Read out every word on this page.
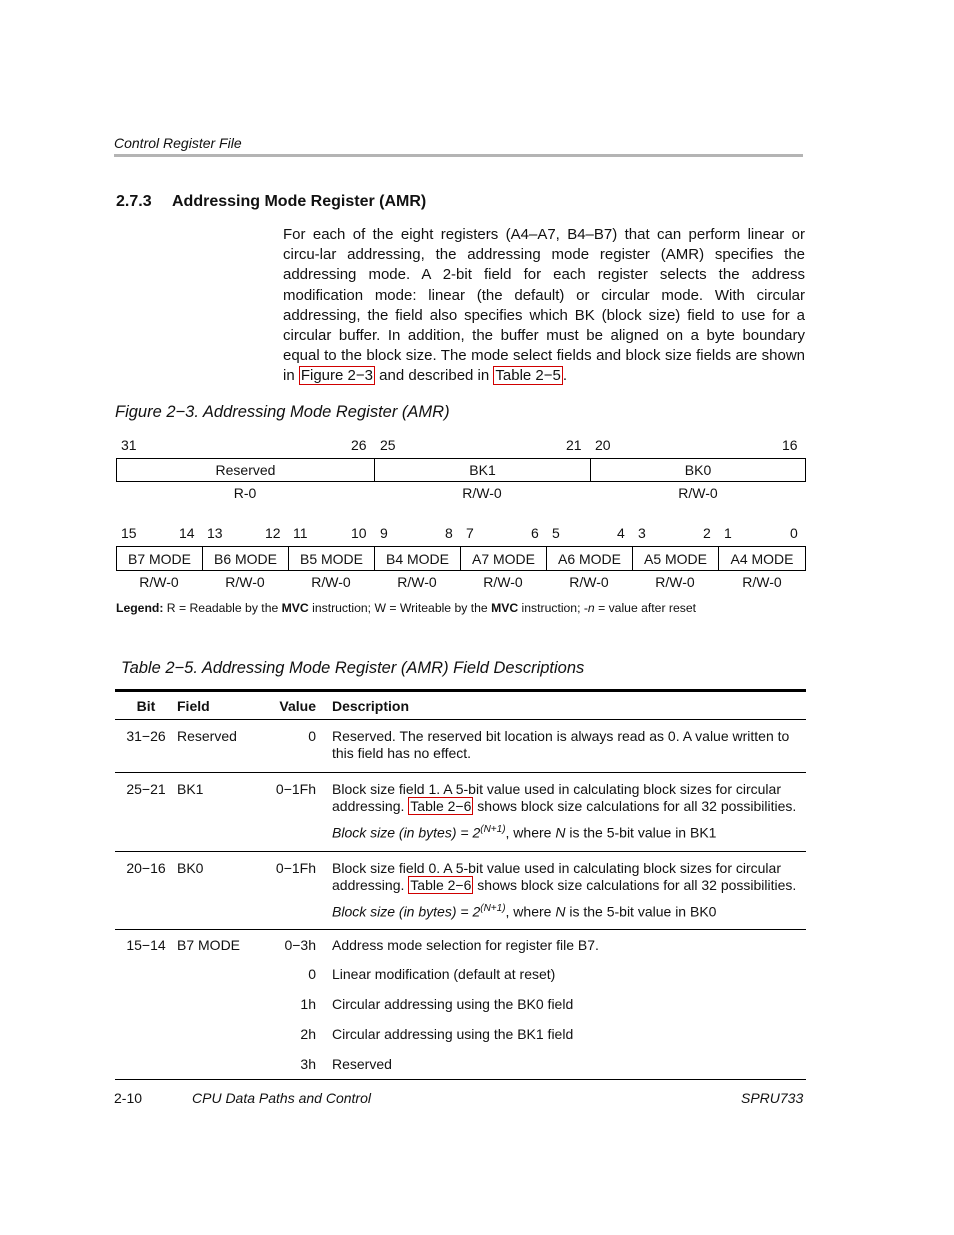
Control Register File
2.7.3 Addressing Mode Register (AMR)
For each of the eight registers (A4–A7, B4–B7) that can perform linear or circu-lar addressing, the addressing mode register (AMR) specifies the addressing mode. A 2-bit field for each register selects the address modification mode: linear (the default) or circular mode. With circular addressing, the field also specifies which BK (block size) field to use for a circular buffer. In addition, the buffer must be aligned on a byte boundary equal to the block size. The mode select fields and block size fields are shown in Figure 2−3 and described in Table 2−5 .
Figure 2−3. Addressing Mode Register (AMR)
31	26 25	21 20	16
Reserved	BK1	BK0
R-0	R/W-0	R/W-0
15	14 13	12 11	10 9	8 7	6 5	4 3	2 1	0
B7 MODE	B6 MODE	B5 MODE	B4 MODE	A7 MODE	A6 MODE	A5 MODE	A4 MODE
R/W-0	R/W-0	R/W-0	R/W-0	R/W-0	R/W-0	R/W-0	R/W-0
Legend: R = Readable by the MVC instruction; W = Writeable by the MVC instruction; -n = value after reset
Table 2−5. Addressing Mode Register (AMR) Field Descriptions
Bit	Field	Value	Description
31−26	Reserved	0	Reserved. The reserved bit location is always read as 0. A value written to this field has no effect.
25−21	BK1	0−1Fh	Block size field 1. A 5-bit value used in calculating block sizes for circular addressing. Table 2−6 shows block size calculations for all 32 possibilities.
Block size (in bytes) = $2^{(N+1)}$, where N is the 5-bit value in BK1

20−16	BK0	0−1Fh	Block size field 0. A 5-bit value used in calculating block sizes for circular addressing. Table 2−6 shows block size calculations for all 32 possibilities.
Block size (in bytes) = $2^{(N+1)}$, where N is the 5-bit value in BK0

15−14	B7 MODE	0−3h	Address mode selection for register file B7.
		0	Linear modification (default at reset)
		1h	Circular addressing using the BK0 field
		2h	Circular addressing using the BK1 field
		3h	Reserved
2-10	CPU Data Paths and Control	SPRU733
